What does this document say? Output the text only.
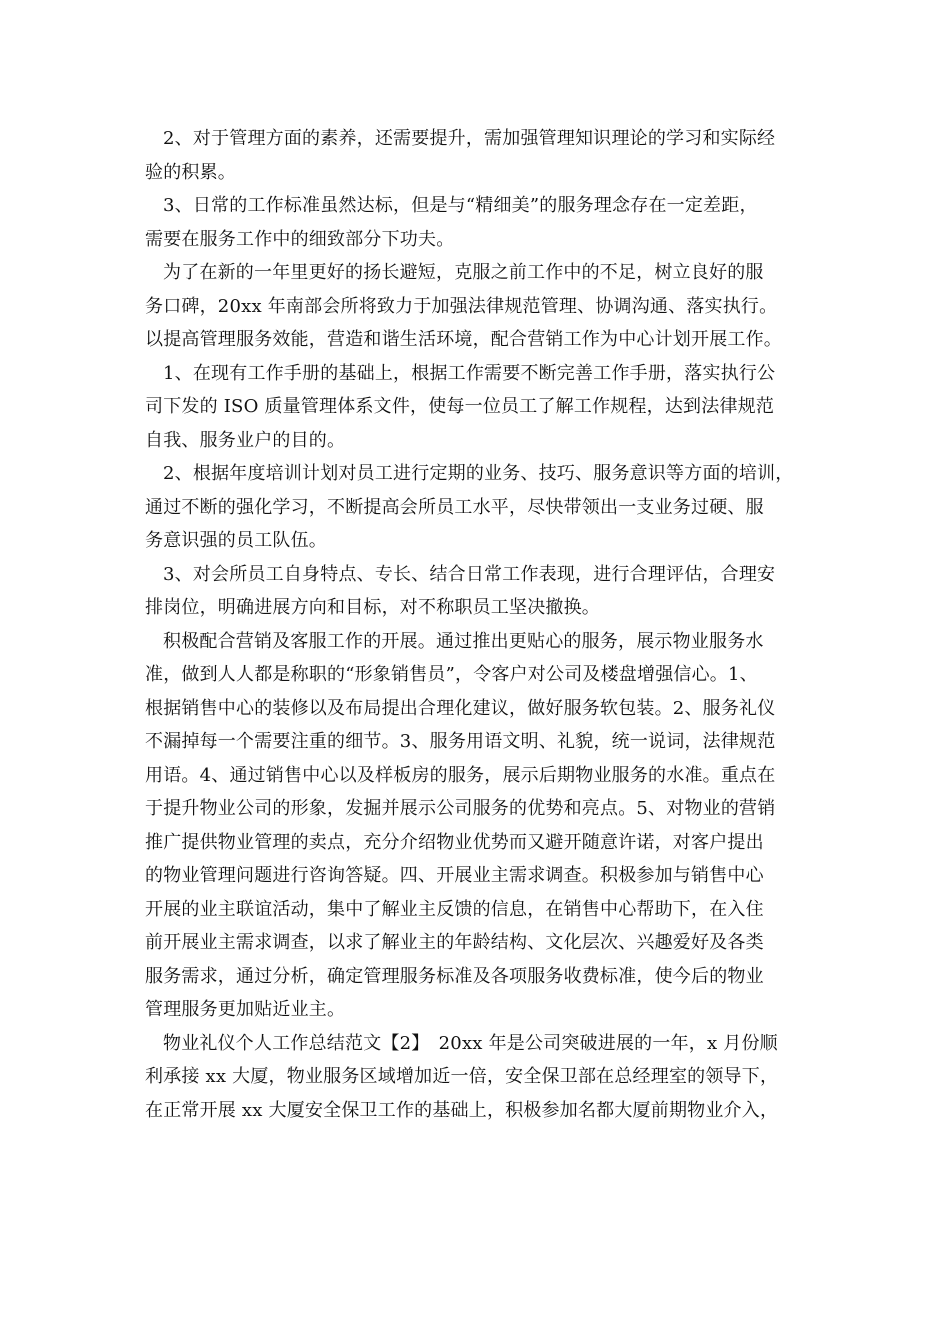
2、对于管理方面的素养，还需要提升，需加强管理知识理论的学习和实际经
验的积累。

3、日常的工作标准虽然达标，但是与“精细美”的服务理念存在一定差距，
需要在服务工作中的细致部分下功夫。

为了在新的一年里更好的扬长避短，克服之前工作中的不足，树立良好的服
务口碑，20xx 年南部会所将致力于加强法律规范管理、协调沟通、落实执行。
以提高管理服务效能，营造和谐生活环境，配合营销工作为中心计划开展工作。

1、在现有工作手册的基础上，根据工作需要不断完善工作手册，落实执行公
司下发的 ISO 质量管理体系文件，使每一位员工了解工作规程，达到法律规范
自我、服务业户的目的。

2、根据年度培训计划对员工进行定期的业务、技巧、服务意识等方面的培训，
通过不断的强化学习，不断提高会所员工水平，尽快带领出一支业务过硬、服
务意识强的员工队伍。

3、对会所员工自身特点、专长、结合日常工作表现，进行合理评估，合理安
排岗位，明确进展方向和目标，对不称职员工坚决撤换。

积极配合营销及客服工作的开展。通过推出更贴心的服务，展示物业服务水
准，做到人人都是称职的“形象销售员”，令客户对公司及楼盘增强信心。1、
根据销售中心的装修以及布局提出合理化建议，做好服务软包装。2、服务礼仪
不漏掉每一个需要注重的细节。3、服务用语文明、礼貌，统一说词，法律规范
用语。4、通过销售中心以及样板房的服务，展示后期物业服务的水准。重点在
于提升物业公司的形象，发掘并展示公司服务的优势和亮点。5、对物业的营销
推广提供物业管理的卖点，充分介绍物业优势而又避开随意许诺，对客户提出
的物业管理问题进行咨询答疑。四、开展业主需求调查。积极参加与销售中心
开展的业主联谊活动，集中了解业主反馈的信息，在销售中心帮助下，在入住
前开展业主需求调查，以求了解业主的年龄结构、文化层次、兴趣爱好及各类
服务需求，通过分析，确定管理服务标准及各项服务收费标准，使今后的物业
管理服务更加贴近业主。

物业礼仪个人工作总结范文【2】　20xx 年是公司突破进展的一年，x 月份顺
利承接 xx 大厦，物业服务区域增加近一倍，安全保卫部在总经理室的领导下，
在正常开展 xx 大厦安全保卫工作的基础上，积极参加名都大厦前期物业介入，
